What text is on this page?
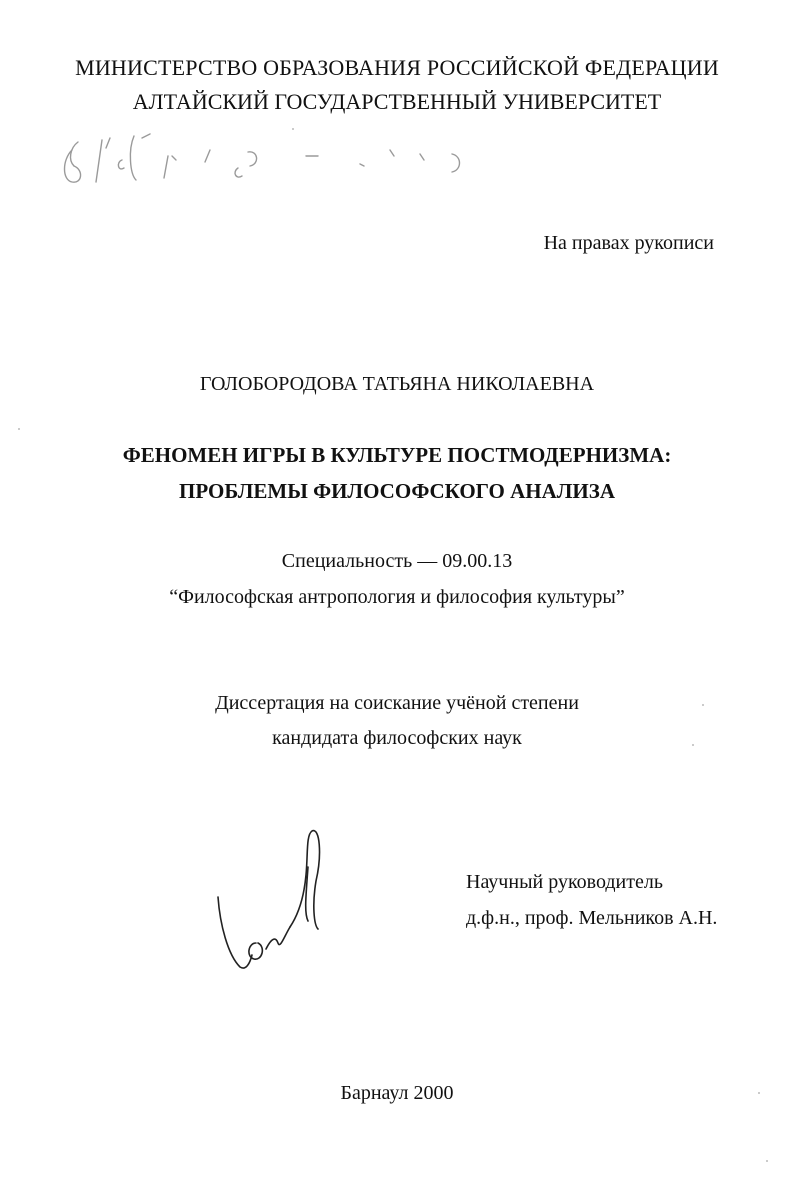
МИНИСТЕРСТВО ОБРАЗОВАНИЯ РОССИЙСКОЙ ФЕДЕРАЦИИ
АЛТАЙСКИЙ ГОСУДАРСТВЕННЫЙ УНИВЕРСИТЕТ
На правах рукописи
ГОЛОБОРОДОВА ТАТЬЯНА НИКОЛАЕВНА
ФЕНОМЕН ИГРЫ В КУЛЬТУРЕ ПОСТМОДЕРНИЗМА:
ПРОБЛЕМЫ ФИЛОСОФСКОГО АНАЛИЗА
Специальность — 09.00.13
“Философская антропология и философия культуры”
Диссертация на соискание учёной степени
кандидата философских наук
Научный руководитель
д.ф.н., проф. Мельников А.Н.
Барнаул 2000
